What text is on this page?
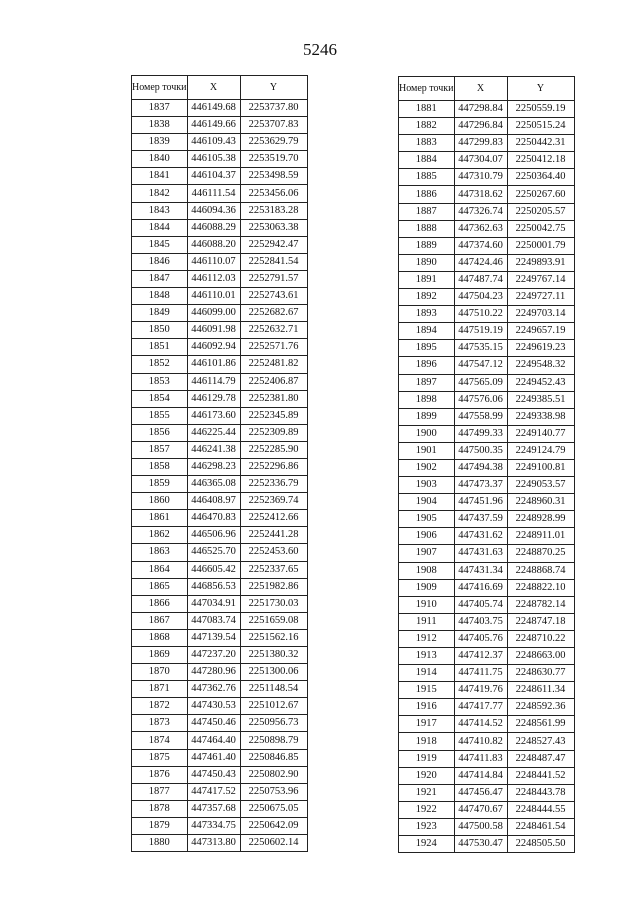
5246
Номер точки	X	Y
1837	446149.68	2253737.80
1838	446149.66	2253707.83
1839	446109.43	2253629.79
1840	446105.38	2253519.70
1841	446104.37	2253498.59
1842	446111.54	2253456.06
1843	446094.36	2253183.28
1844	446088.29	2253063.38
1845	446088.20	2252942.47
1846	446110.07	2252841.54
1847	446112.03	2252791.57
1848	446110.01	2252743.61
1849	446099.00	2252682.67
1850	446091.98	2252632.71
1851	446092.94	2252571.76
1852	446101.86	2252481.82
1853	446114.79	2252406.87
1854	446129.78	2252381.80
1855	446173.60	2252345.89
1856	446225.44	2252309.89
1857	446241.38	2252285.90
1858	446298.23	2252296.86
1859	446365.08	2252336.79
1860	446408.97	2252369.74
1861	446470.83	2252412.66
1862	446506.96	2252441.28
1863	446525.70	2252453.60
1864	446605.42	2252337.65
1865	446856.53	2251982.86
1866	447034.91	2251730.03
1867	447083.74	2251659.08
1868	447139.54	2251562.16
1869	447237.20	2251380.32
1870	447280.96	2251300.06
1871	447362.76	2251148.54
1872	447430.53	2251012.67
1873	447450.46	2250956.73
1874	447464.40	2250898.79
1875	447461.40	2250846.85
1876	447450.43	2250802.90
1877	447417.52	2250753.96
1878	447357.68	2250675.05
1879	447334.75	2250642.09
1880	447313.80	2250602.14
Номер точки	X	Y
1881	447298.84	2250559.19
1882	447296.84	2250515.24
1883	447299.83	2250442.31
1884	447304.07	2250412.18
1885	447310.79	2250364.40
1886	447318.62	2250267.60
1887	447326.74	2250205.57
1888	447362.63	2250042.75
1889	447374.60	2250001.79
1890	447424.46	2249893.91
1891	447487.74	2249767.14
1892	447504.23	2249727.11
1893	447510.22	2249703.14
1894	447519.19	2249657.19
1895	447535.15	2249619.23
1896	447547.12	2249548.32
1897	447565.09	2249452.43
1898	447576.06	2249385.51
1899	447558.99	2249338.98
1900	447499.33	2249140.77
1901	447500.35	2249124.79
1902	447494.38	2249100.81
1903	447473.37	2249053.57
1904	447451.96	2248960.31
1905	447437.59	2248928.99
1906	447431.62	2248911.01
1907	447431.63	2248870.25
1908	447431.34	2248868.74
1909	447416.69	2248822.10
1910	447405.74	2248782.14
1911	447403.75	2248747.18
1912	447405.76	2248710.22
1913	447412.37	2248663.00
1914	447411.75	2248630.77
1915	447419.76	2248611.34
1916	447417.77	2248592.36
1917	447414.52	2248561.99
1918	447410.82	2248527.43
1919	447411.83	2248487.47
1920	447414.84	2248441.52
1921	447456.47	2248443.78
1922	447470.67	2248444.55
1923	447500.58	2248461.54
1924	447530.47	2248505.50
